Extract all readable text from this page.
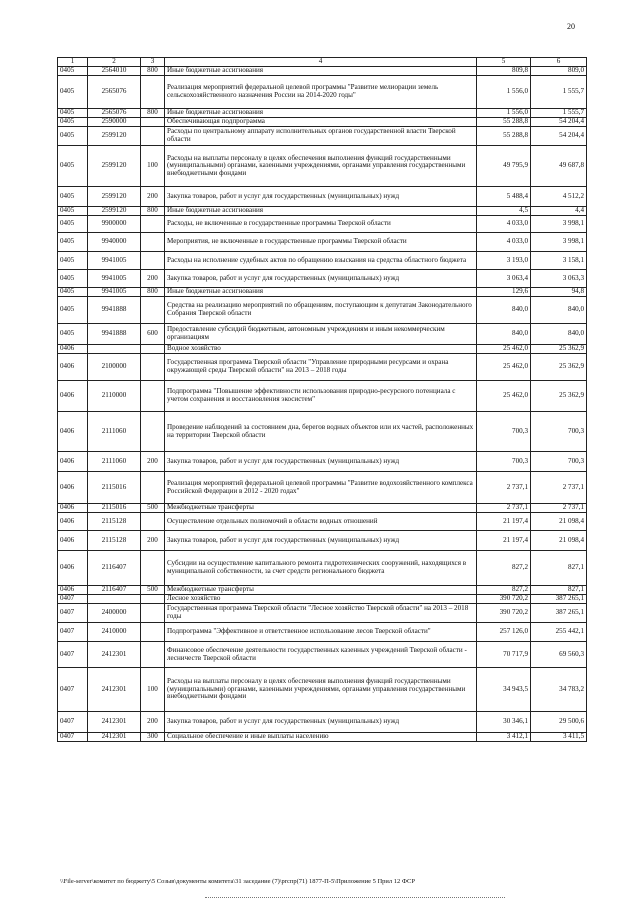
20
1	2	3	4	5	6
0405	2564010	800	Иные бюджетные ассигнования	809,8	809,0
0405	2565076		Реализация мероприятий федеральной целевой программы "Развитие мелиорации земель сельскохозяйственного назначения России на 2014-2020 годы"	1 556,0	1 555,7
0405	2565076	800	Иные бюджетные ассигнования	1 556,0	1 555,7
0405	2590000		Обеспечивающая подпрограмма	55 288,8	54 204,4
0405	2599120		Расходы по центральному аппарату исполнительных органов государственной власти Тверской области	55 288,8	54 204,4
0405	2599120	100	Расходы на выплаты персоналу в целях обеспечения выполнения функций государственными (муниципальными) органами, казенными учреждениями, органами управления государственными внебюджетными фондами	49 795,9	49 687,8
0405	2599120	200	Закупка товаров, работ и услуг для государственных (муниципальных) нужд	5 488,4	4 512,2
0405	2599120	800	Иные бюджетные ассигнования	4,5	4,4
0405	9900000		Расходы, не включенные в государственные программы Тверской области	4 033,0	3 998,1
0405	9940000		Мероприятия, не включенные в государственные программы Тверской области	4 033,0	3 998,1
0405	9941005		Расходы на исполнение судебных актов по обращению взыскания на средства областного бюджета	3 193,0	3 158,1
0405	9941005	200	Закупка товаров, работ и услуг для государственных (муниципальных) нужд	3 063,4	3 063,3
0405	9941005	800	Иные бюджетные ассигнования	129,6	94,8
0405	9941888		Средства на реализацию мероприятий по обращениям, поступающим к депутатам Законодательного Собрания Тверской области	840,0	840,0
0405	9941888	600	Предоставление субсидий бюджетным, автономным учреждениям и иным некоммерческим организациям	840,0	840,0
0406			Водное хозяйство	25 462,0	25 362,9
0406	2100000		Государственная программа Тверской области "Управление природными ресурсами и охрана окружающей среды Тверской области" на 2013 – 2018 годы	25 462,0	25 362,9
0406	2110000		Подпрограмма "Повышение эффективности использования природно-ресурсного потенциала с учетом сохранения и восстановления экосистем"	25 462,0	25 362,9
0406	2111060		Проведение наблюдений за состоянием дна, берегов водных объектов или их частей, расположенных на территории Тверской области	700,3	700,3
0406	2111060	200	Закупка товаров, работ и услуг для государственных (муниципальных) нужд	700,3	700,3
0406	2115016		Реализация мероприятий федеральной целевой программы "Развитие водохозяйственного комплекса Российской Федерации в 2012 - 2020 годах"	2 737,1	2 737,1
0406	2115016	500	Межбюджетные трансферты	2 737,1	2 737,1
0406	2115128		Осуществление отдельных полномочий в области водных отношений	21 197,4	21 098,4
0406	2115128	200	Закупка товаров, работ и услуг для государственных (муниципальных) нужд	21 197,4	21 098,4
0406	2116407		Субсидии на осуществление капитального ремонта гидротехнических сооружений, находящихся в муниципальной собственности, за счет средств регионального бюджета	827,2	827,1
0406	2116407	500	Межбюджетные трансферты	827,2	827,1
0407			Лесное хозяйство	390 720,2	387 265,1
0407	2400000		Государственная программа Тверской области "Лесное хозяйство Тверской области" на 2013 – 2018 годы	390 720,2	387 265,1
0407	2410000		Подпрограмма "Эффективное и ответственное использование лесов Тверской области"	257 126,0	255 442,1
0407	2412301		Финансовое обеспечение деятельности государственных казенных учреждений Тверской области - лесничеств Тверской области	70 717,9	69 560,3
0407	2412301	100	Расходы на выплаты персоналу в целях обеспечения выполнения функций государственными (муниципальными) органами, казенными учреждениями, органами управления государственными внебюджетными фондами	34 943,5	34 783,2
0407	2412301	200	Закупка товаров, работ и услуг для государственных (муниципальных) нужд	30 346,1	29 500,6
0407	2412301	300	Социальное обеспечение и иные выплаты населению	3 412,1	3 411,5
\\File-server\комитет по бюджету\5 Созыв\документы комитета\31 заседание (7)\prспр(71) 1877-П-5\Приложение 5 Прил 12 ФСР
